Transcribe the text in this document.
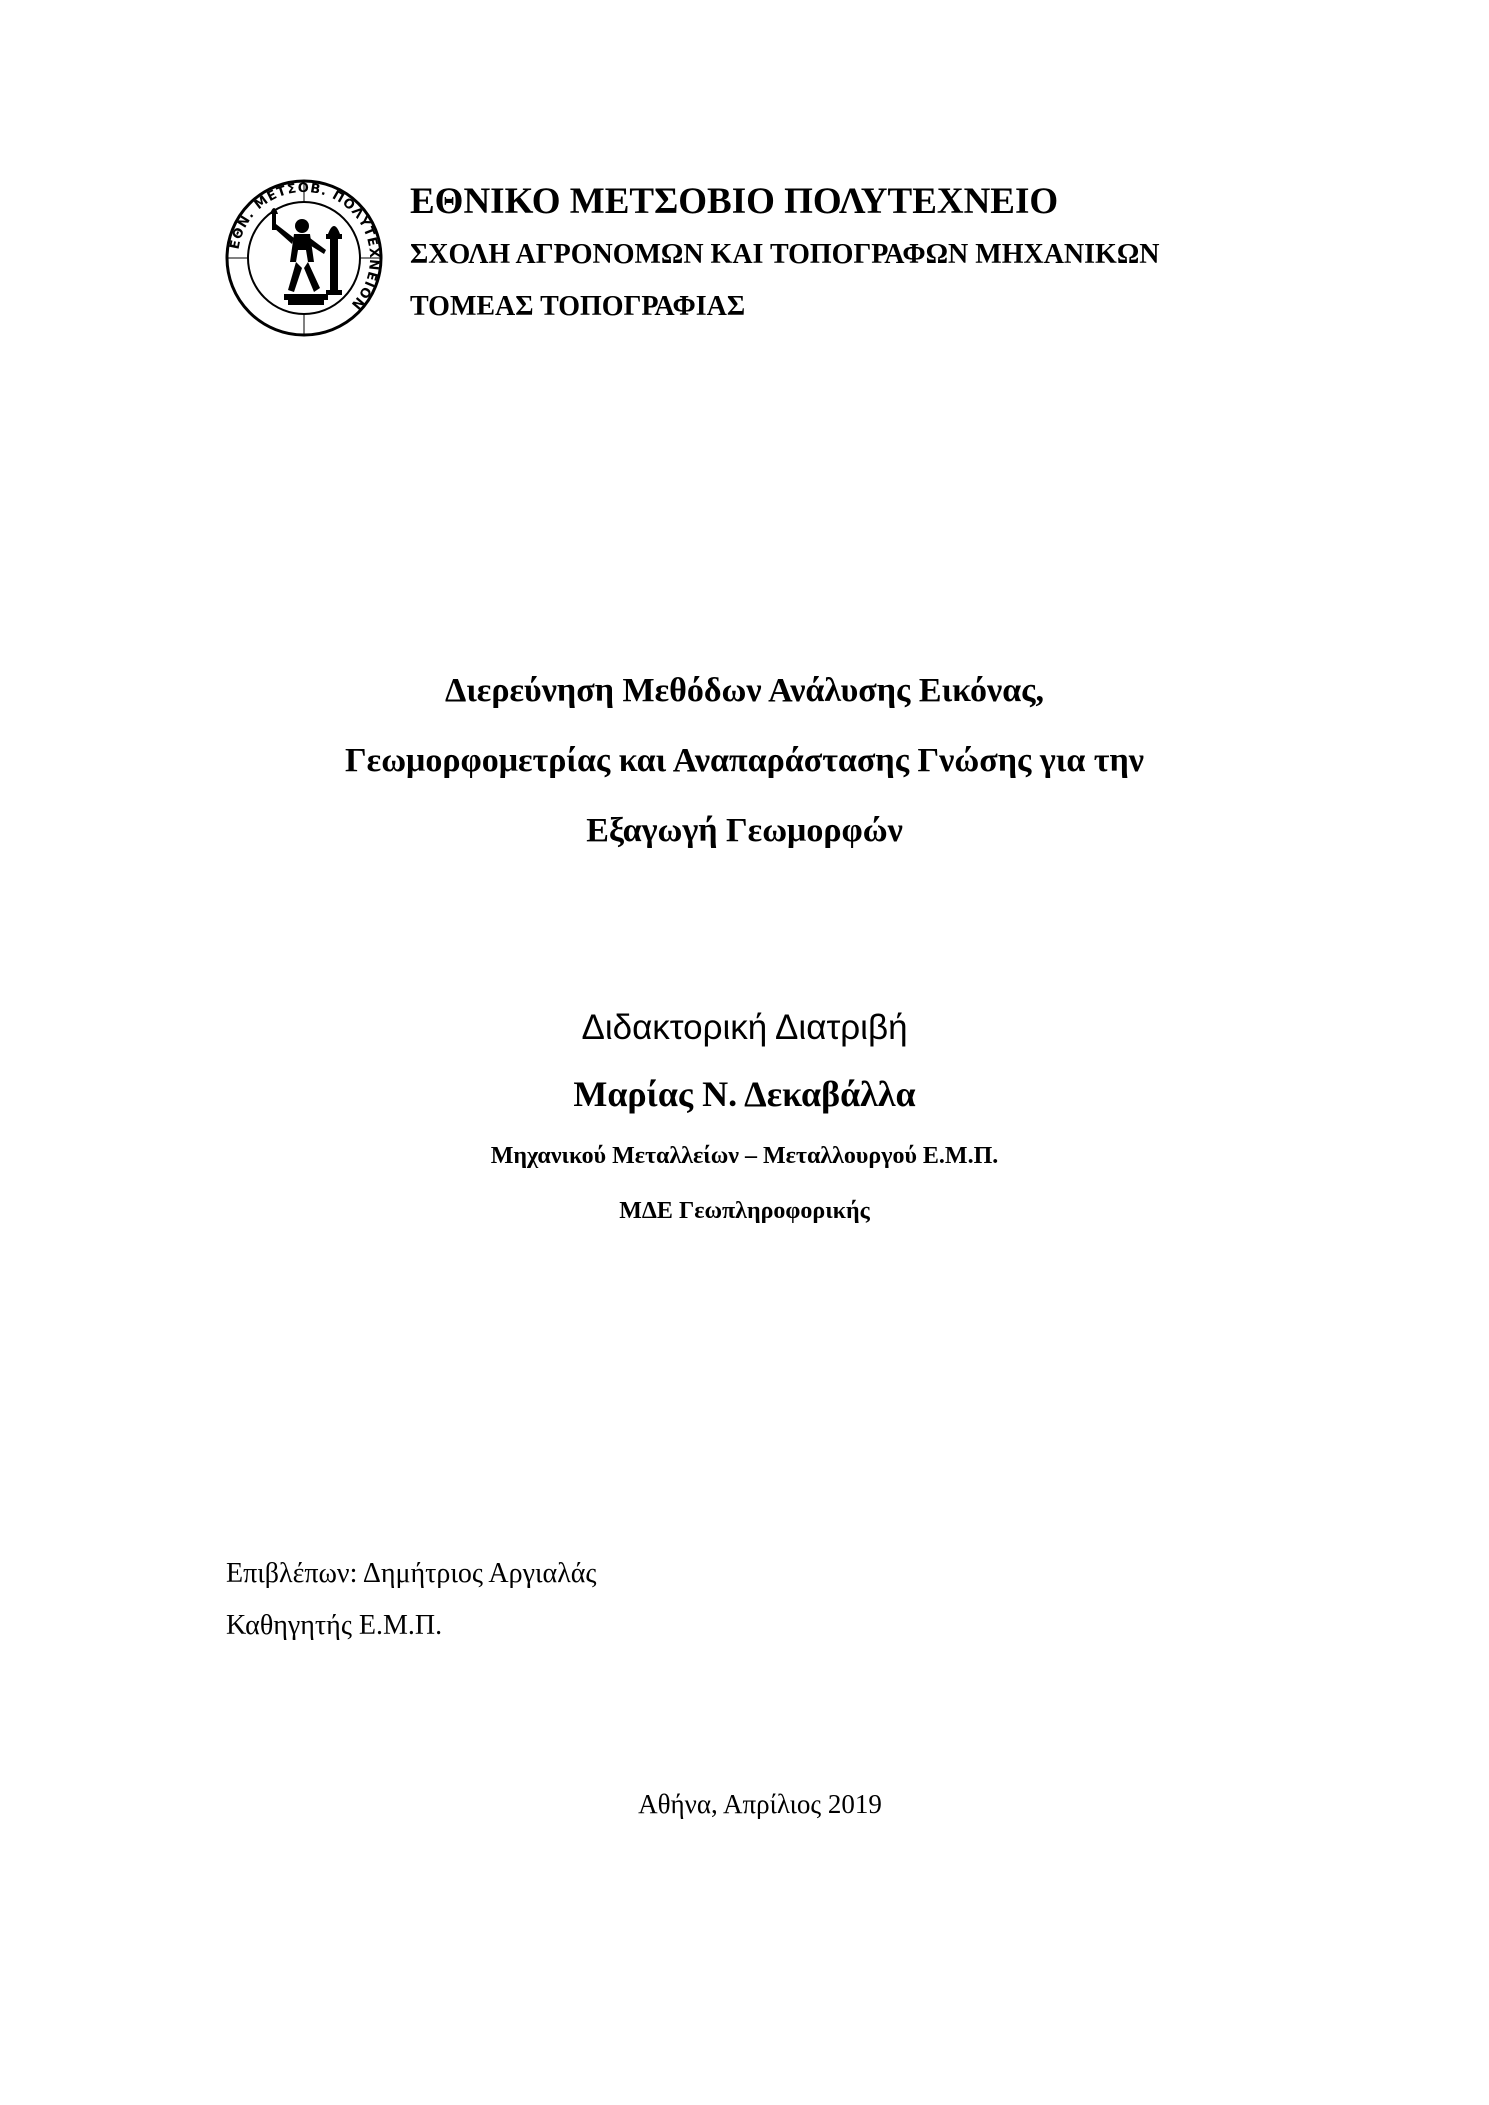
ΕΘΝ. ΜΕΤΣΟΒ. ΠΟΛΥΤΕΧΝΕΙΟΝ
ΕΘΝΙΚΟ ΜΕΤΣΟΒΙΟ ΠΟΛΥΤΕΧΝΕΙΟ
ΣΧΟΛΗ ΑΓΡΟΝΟΜΩΝ ΚΑΙ ΤΟΠΟΓΡΑΦΩΝ ΜΗΧΑΝΙΚΩΝ
ΤΟΜΕΑΣ ΤΟΠΟΓΡΑΦΙΑΣ
Διερεύνηση Μεθόδων Ανάλυσης Εικόνας,
Γεωμορφομετρίας και Αναπαράστασης Γνώσης για την
Εξαγωγή Γεωμορφών
Διδακτορική Διατριβή
Μαρίας Ν. Δεκαβάλλα
Μηχανικού Μεταλλείων – Μεταλλουργού Ε.Μ.Π.
ΜΔΕ Γεωπληροφορικής
Επιβλέπων: Δημήτριος Αργιαλάς
Καθηγητής Ε.Μ.Π.
Αθήνα, Απρίλιος 2019
